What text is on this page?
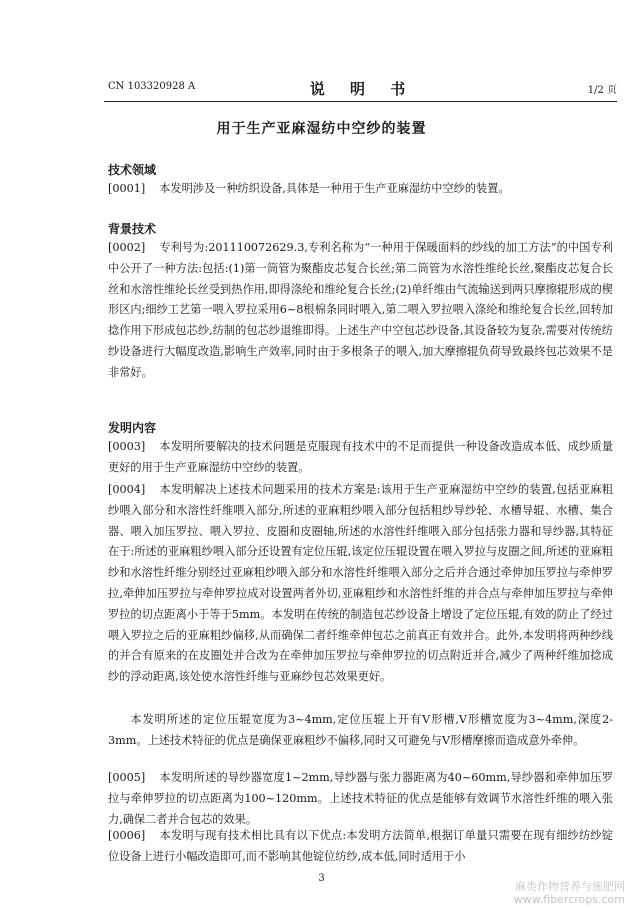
CN 103320928 A	说 明 书	1/2 页
用于生产亚麻湿纺中空纱的装置
技术领域
[0001] 本发明涉及一种纺织设备,具体是一种用于生产亚麻湿纺中空纱的装置。
背景技术
[0002] 专利号为:201110072629.3,专利名称为“一种用于保暖面料的纱线的加工方法”的中国专利中公开了一种方法:包括:(1)第一筒管为聚酯皮芯复合长丝;第二筒管为水溶性维纶长丝,聚酯皮芯复合长丝和水溶性维纶长丝受到热作用,即得涤纶和维纶复合长丝;(2)单纤维由气流输送到两只摩擦辊形成的楔形区内;细纱工艺第一喂入罗拉采用6~8根棉条同时喂入,第二喂入罗拉喂入涤纶和维纶复合长丝,回转加捻作用下形成包芯纱,纺制的包芯纱退维即得。上述生产中空包芯纱设备,其设备较为复杂,需要对传统纺纱设备进行大幅度改造,影响生产效率,同时由于多根条子的喂入,加大摩擦辊负荷导致最终包芯效果不是非常好。
发明内容
[0003] 本发明所要解决的技术问题是克服现有技术中的不足而提供一种设备改造成本低、成纱质量更好的用于生产亚麻湿纺中空纱的装置。
[0004] 本发明解决上述技术问题采用的技术方案是:该用于生产亚麻湿纺中空纱的装置,包括亚麻粗纱喂入部分和水溶性纤维喂入部分,所述的亚麻粗纱喂入部分包括粗纱导纱轮、水槽导辊、水槽、集合器、喂入加压罗拉、喂入罗拉、皮圈和皮圈轴,所述的水溶性纤维喂入部分包括张力器和导纱器,其特征在于:所述的亚麻粗纱喂入部分还设置有定位压辊,该定位压辊设置在喂入罗拉与皮圈之间,所述的亚麻粗纱和水溶性纤维分别经过亚麻粗纱喂入部分和水溶性纤维喂入部分之后并合通过牵伸加压罗拉与牵伸罗拉,牵伸加压罗拉与牵伸罗拉成对设置两者外切,亚麻粗纱和水溶性纤维的并合点与牵伸加压罗拉与牵伸罗拉的切点距离小于等于5mm。本发明在传统的制造包芯纱设备上增设了定位压辊,有效的防止了经过喂入罗拉之后的亚麻粗纱偏移,从而确保二者纤维牵伸包芯之前真正有效并合。此外,本发明将两种纱线的并合有原来的在皮圈处并合改为在牵伸加压罗拉与牵伸罗拉的切点附近并合,减少了两种纤维加捻成纱的浮动距离,该处使水溶性纤维与亚麻纱包芯效果更好。
本发明所述的定位压辊宽度为3~4mm,定位压辊上开有V形槽,V形槽宽度为3~4mm,深度2-3mm。上述技术特征的优点是确保亚麻粗纱不偏移,同时又可避免与V形槽摩擦而造成意外牵伸。
[0005] 本发明所述的导纱器宽度1~2mm,导纱器与张力器距离为40~60mm,导纱器和牵伸加压罗拉与牵伸罗拉的切点距离为100~120mm。上述技术特征的优点是能够有效调节水溶性纤维的喂入张力,确保二者并合包芯的效果。
[0006] 本发明与现有技术相比具有以下优点:本发明方法简单,根据订单量只需要在现有细纱纺纱锭位设备上进行小幅改造即可,而不影响其他锭位纺纱,成本低,同时适用于小
3
麻类作物营养与施肥网
www.fibercrops.com
